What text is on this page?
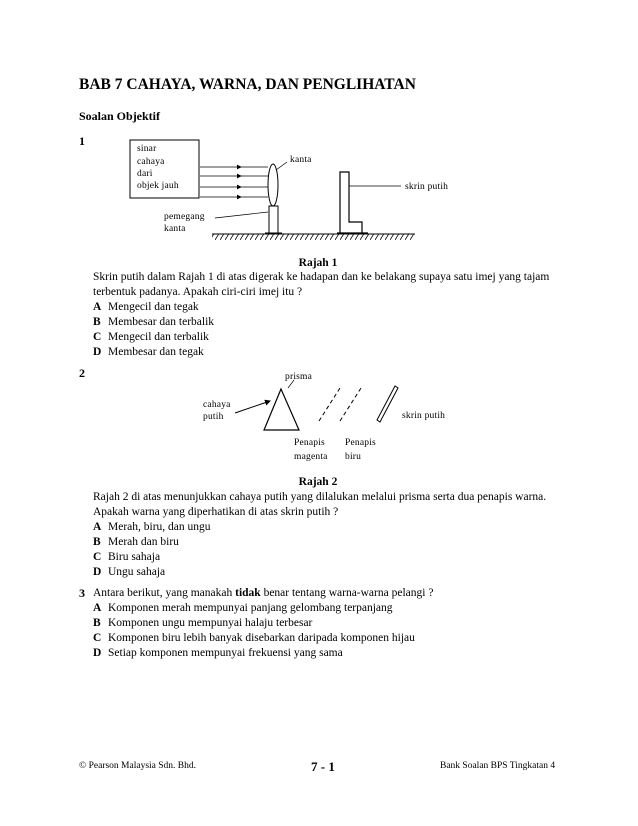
BAB 7 CAHAYA, WARNA, DAN PENGLIHATAN
Soalan Objektif
1
sinar
cahaya
dari
objek jauh
kanta
skrin putih
pemegang
kanta
Rajah 1
Skrin putih dalam Rajah 1 di atas digerak ke hadapan dan ke belakang supaya satu imej yang tajam
terbentuk padanya. Apakah ciri-ciri imej itu ?
A Mengecil dan tegak
B Membesar dan terbalik
C Mengecil dan terbalik
D Membesar dan tegak
2	prisma
cahaya
putih	skrin putih
Penapis
magenta
Penapis
biru
Rajah 2
Rajah 2 di atas menunjukkan cahaya putih yang dilalukan melalui prisma serta dua penapis warna.
Apakah warna yang diperhatikan di atas skrin putih ?
A Merah, biru, dan ungu
B Merah dan biru
C Biru sahaja
D Ungu sahaja
3 Antara berikut, yang manakah tidak benar tentang warna-warna pelangi ?
A Komponen merah mempunyai panjang gelombang terpanjang
B Komponen ungu mempunyai halaju terbesar
C Komponen biru lebih banyak disebarkan daripada komponen hijau
D Setiap komponen mempunyai frekuensi yang sama
© Pearson Malaysia Sdn. Bhd.	7 - 1	Bank Soalan BPS Tingkatan 4
